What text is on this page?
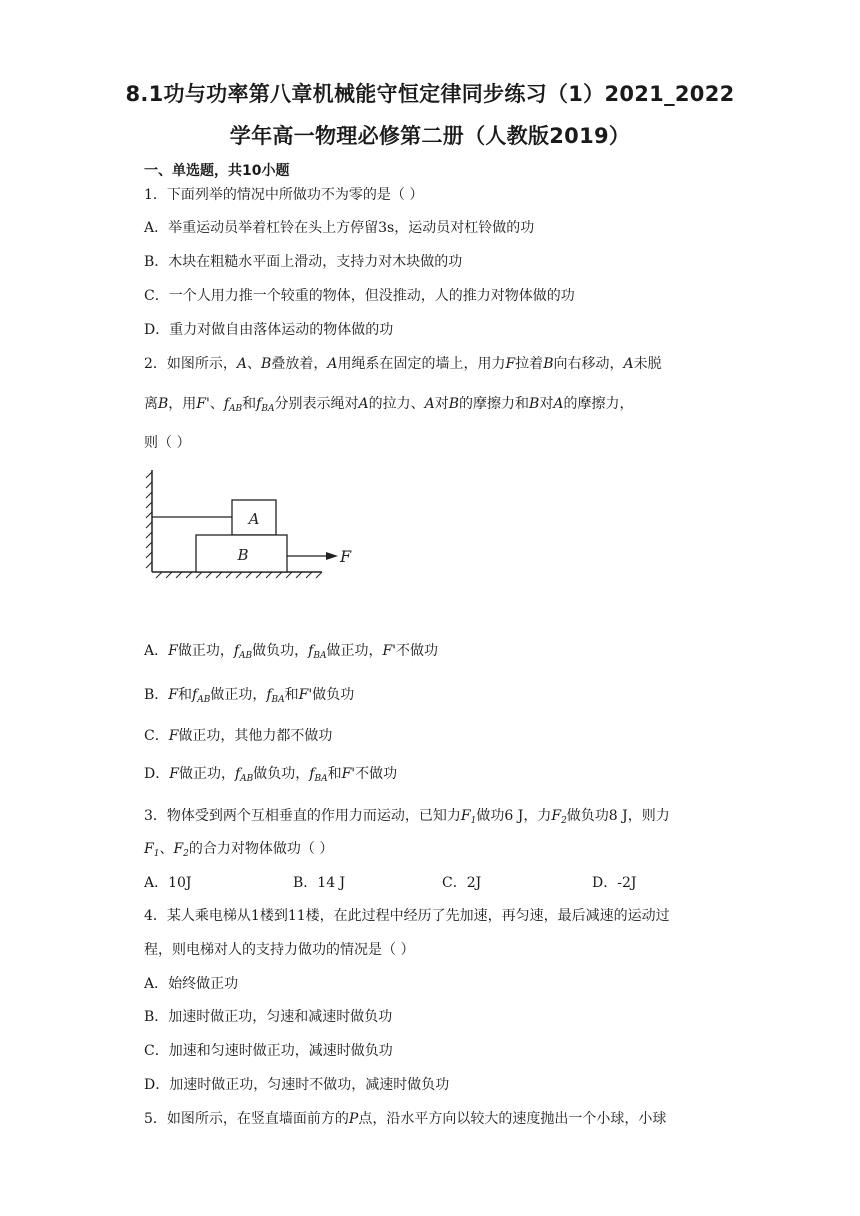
8.1功与功率第八章机械能守恒定律同步练习（1）2021_2022
学年高一物理必修第二册（人教版2019）
一、单选题，共10小题
1．下面列举的情况中所做功不为零的是（ ）
A．举重运动员举着杠铃在头上方停留3s，运动员对杠铃做的功
B．木块在粗糙水平面上滑动，支持力对木块做的功
C．一个人用力推一个较重的物体，但没推动，人的推力对物体做的功
D．重力对做自由落体运动的物体做的功
2．如图所示，A、B叠放着，A用绳系在固定的墙上，用力F拉着B向右移动，A未脱
离B，用F'、$f_{AB}$和$f_{BA}$分别表示绳对A的拉力、A对B的摩擦力和B对A的摩擦力，
则（ ）
A
B	F
A．F做正功，$f_{AB}$做负功，$f_{BA}$做正功，F'不做功
B．F和$f_{AB}$做正功，$f_{BA}$和F'做负功
C．F做正功，其他力都不做功
D．F做正功，$f_{AB}$做负功，$f_{BA}$和F'不做功
3．物体受到两个互相垂直的作用力而运动，已知力$F_1$做功6 J，力$F_2$做负功8 J，则力
$F_1$、$F_2$的合力对物体做功（ ）
A．10J	B．14 J	C．2J	D．-2J
4．某人乘电梯从1楼到11楼，在此过程中经历了先加速，再匀速，最后减速的运动过
程，则电梯对人的支持力做功的情况是（ ）
A．始终做正功
B．加速时做正功，匀速和减速时做负功
C．加速和匀速时做正功，减速时做负功
D．加速时做正功，匀速时不做功，减速时做负功
5．如图所示，在竖直墙面前方的P点，沿水平方向以较大的速度抛出一个小球，小球
